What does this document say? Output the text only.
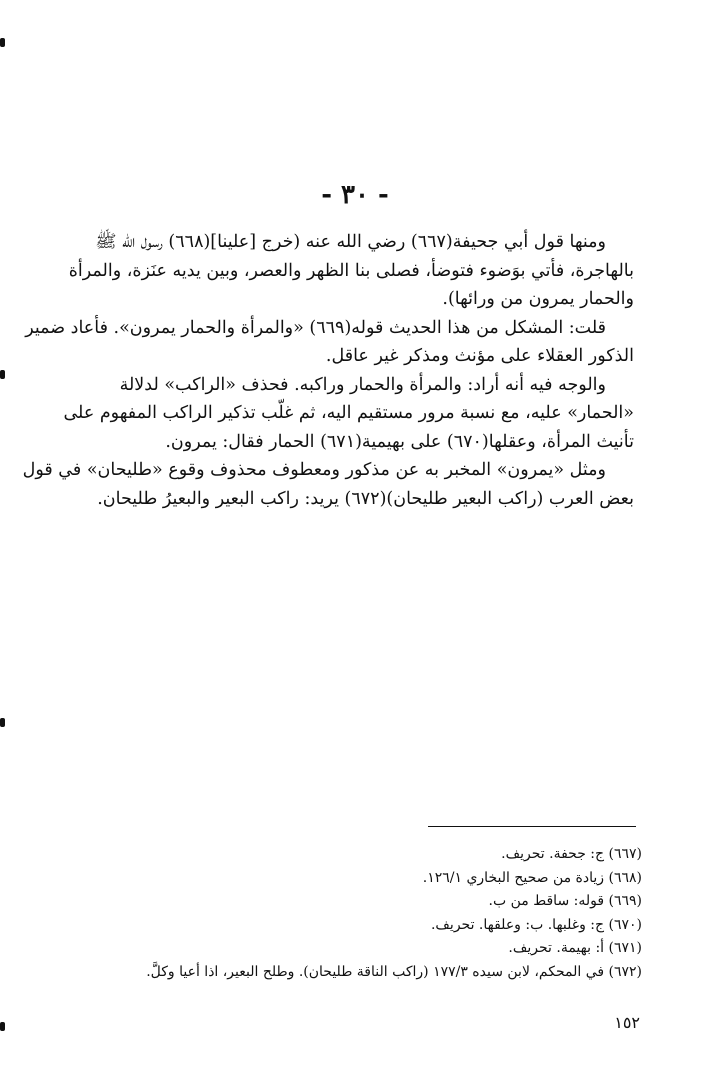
- ٣٠ -

ومنها قول أبي جحيفة(٦٦٧) رضي الله عنه (خرج [علينا](٦٦٨) رسول الله ﷺ
بالهاجرة، فأتي بوَضوء فتوضأ، فصلى بنا الظهر والعصر، وبين يديه عنَزة، والمرأة
والحمار يمرون من ورائها).

قلت: المشكل من هذا الحديث قوله(٦٦٩) «والمرأة والحمار يمرون». فأعاد ضمير
الذكور العقلاء على مؤنث ومذكر غير عاقل.

والوجه فيه أنه أراد: والمرأة والحمار وراكبه. فحذف «الراكب» لدلالة
«الحمار» عليه، مع نسبة مرور مستقيم اليه، ثم غلّب تذكير الراكب المفهوم على
تأنيث المرأة، وعقلها(٦٧٠) على بهيمية(٦٧١) الحمار فقال: يمرون.

ومثل «يمرون» المخبر به عن مذكور ومعطوف محذوف وقوع «طليحان» في قول
بعض العرب (راكب البعير طليحان)(٦٧٢) يريد: راكب البعير والبعيرُ طليحان.

(٦٦٧) ج: جحفة. تحريف.
(٦٦٨) زيادة من صحيح البخاري ١٢٦/١.
(٦٦٩) قوله: ساقط من ب.
(٦٧٠) ج: وغلبها. ب: وعلقها. تحريف.
(٦٧١) أ: بهيمة. تحريف.
(٦٧٢) في المحكم، لابن سيده ١٧٧/٣ (راكب الناقة طليحان). وطلح البعير، اذا أعيا وكلَّ.
١٥٢
